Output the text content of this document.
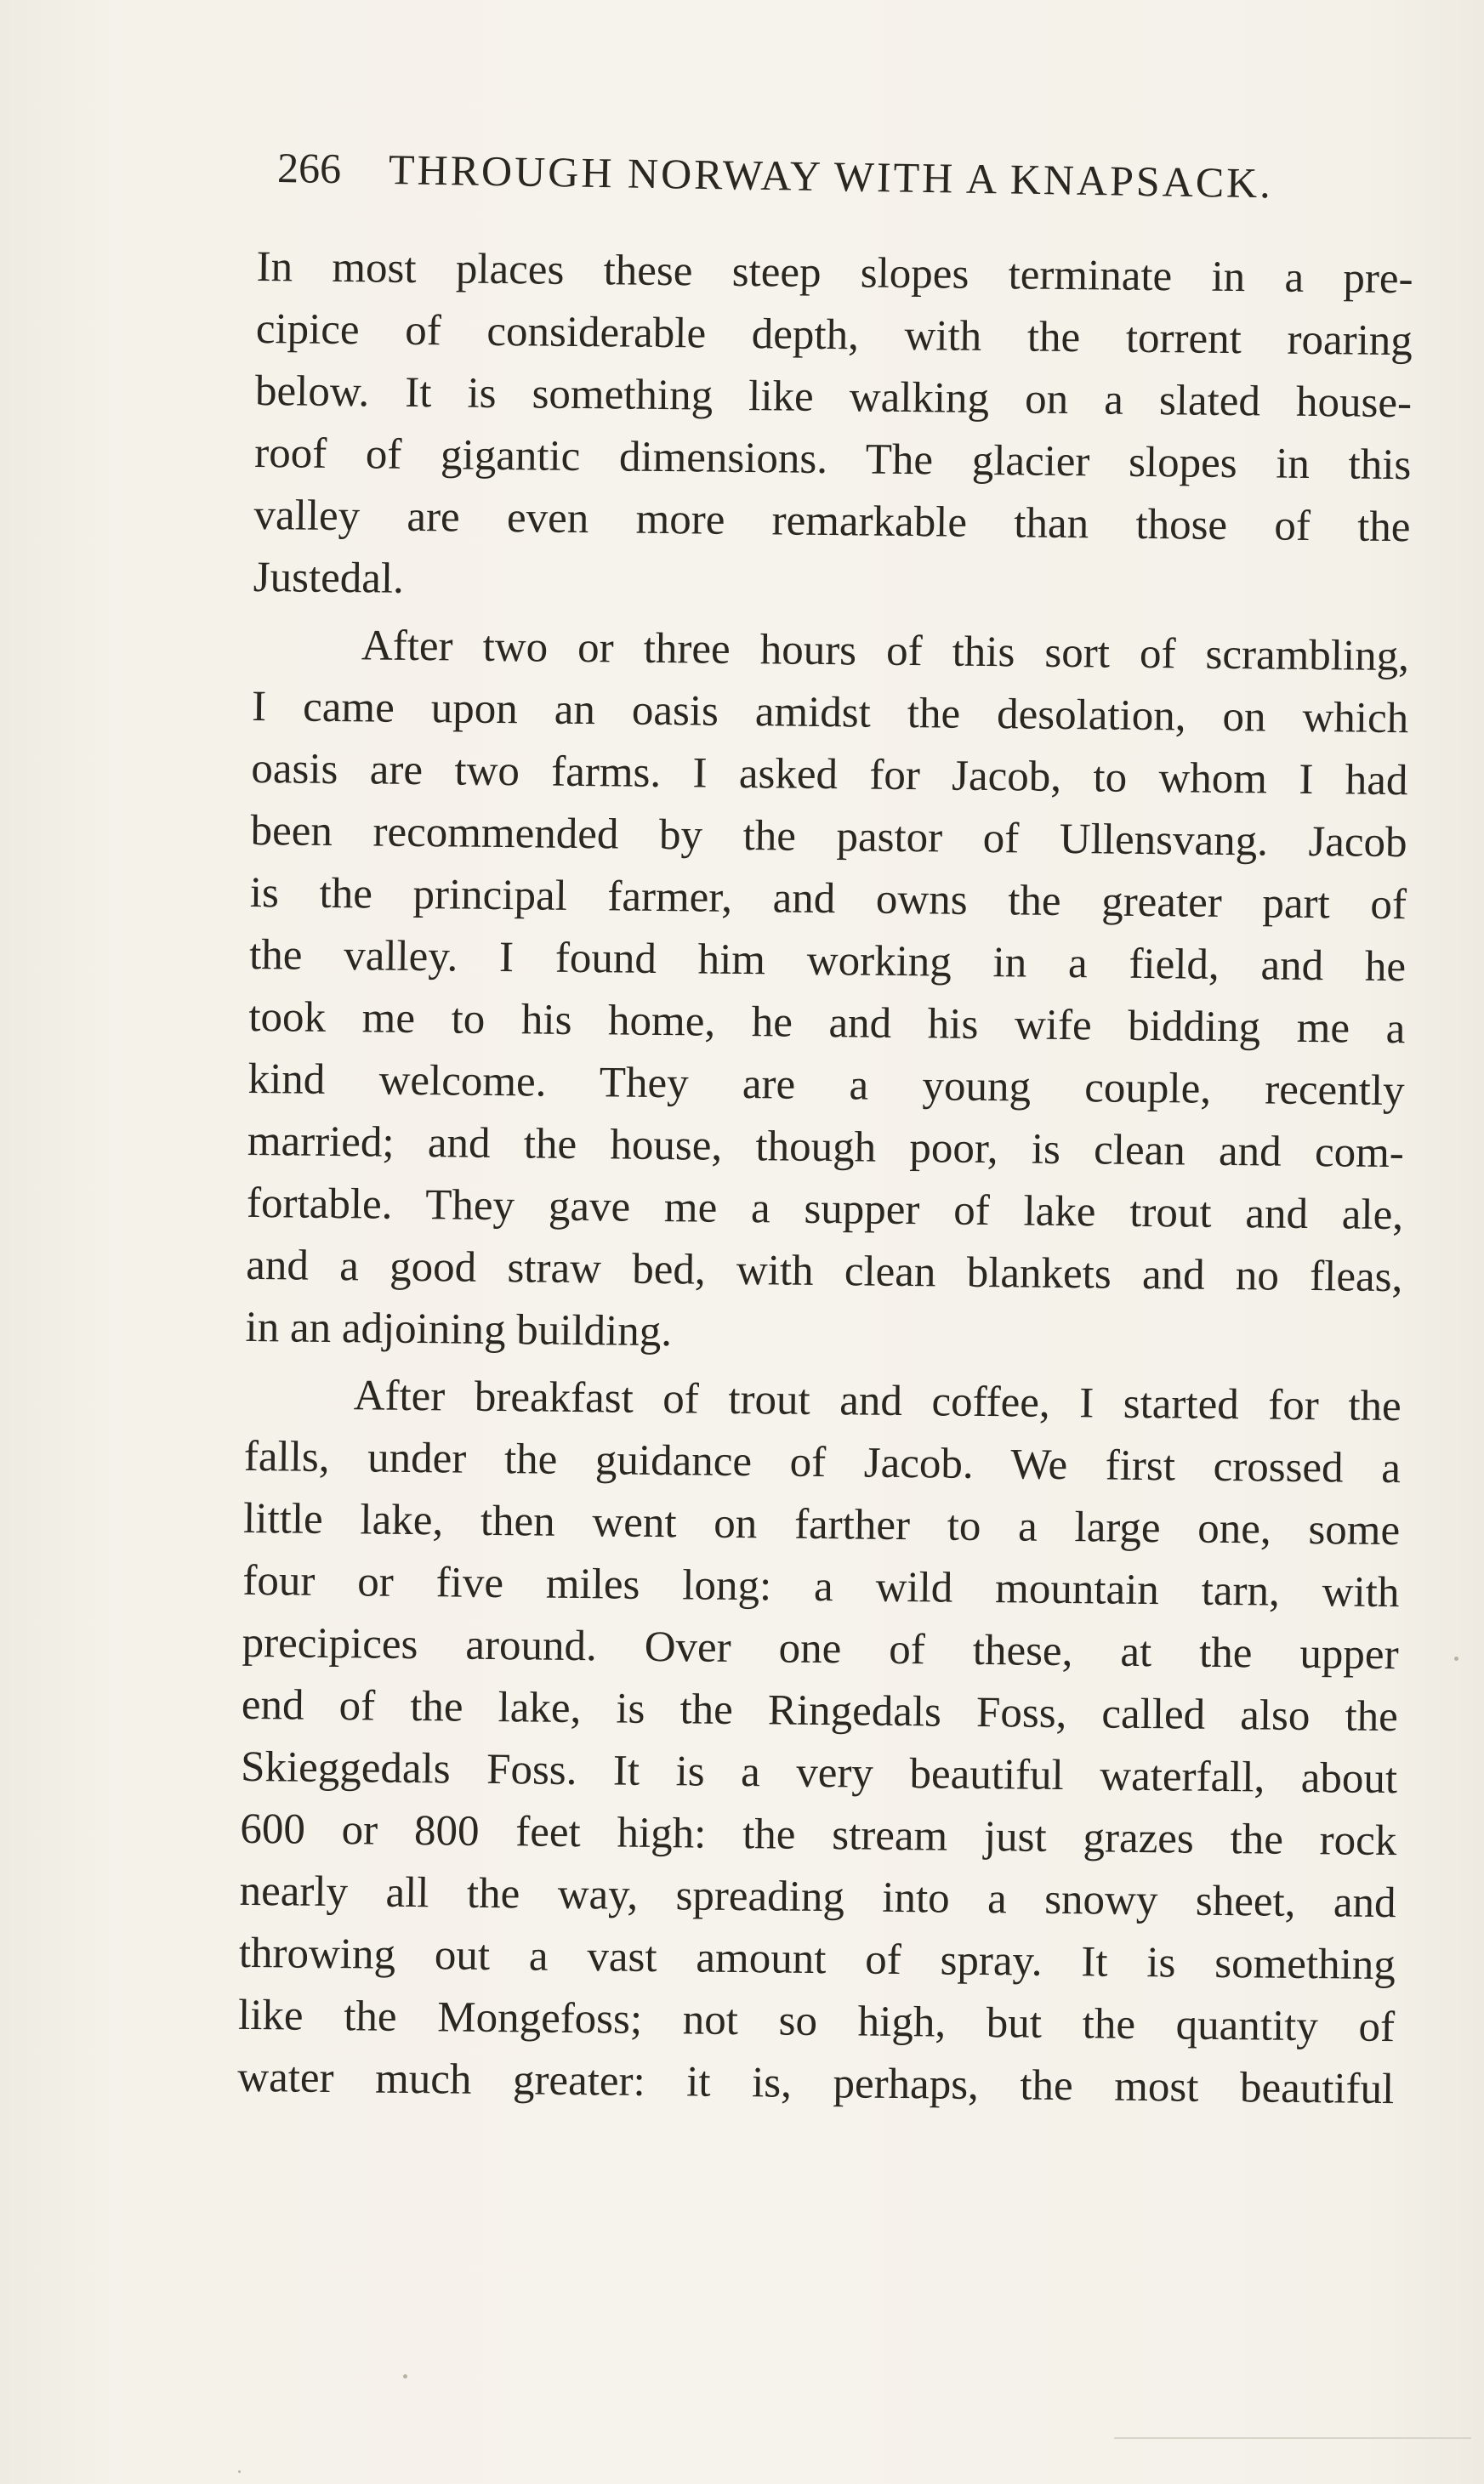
266 THROUGH NORWAY WITH A KNAPSACK.
In most places these steep slopes terminate in a pre-
cipice of considerable depth, with the torrent roaring
below. It is something like walking on a slated house-
roof of gigantic dimensions. The glacier slopes in this
valley are even more remarkable than those of the
Justedal.
After two or three hours of this sort of scrambling,
I came upon an oasis amidst the desolation, on which
oasis are two farms. I asked for Jacob, to whom I had
been recommended by the pastor of Ullensvang. Jacob
is the principal farmer, and owns the greater part of
the valley. I found him working in a field, and he
took me to his home, he and his wife bidding me a
kind welcome. They are a young couple, recently
married; and the house, though poor, is clean and com-
fortable. They gave me a supper of lake trout and ale,
and a good straw bed, with clean blankets and no fleas,
in an adjoining building.
After breakfast of trout and coffee, I started for the
falls, under the guidance of Jacob. We first crossed a
little lake, then went on farther to a large one, some
four or five miles long: a wild mountain tarn, with
precipices around. Over one of these, at the upper
end of the lake, is the Ringedals Foss, called also the
Skieggedals Foss. It is a very beautiful waterfall, about
600 or 800 feet high: the stream just grazes the rock
nearly all the way, spreading into a snowy sheet, and
throwing out a vast amount of spray. It is something
like the Mongefoss; not so high, but the quantity of
water much greater: it is, perhaps, the most beautiful
